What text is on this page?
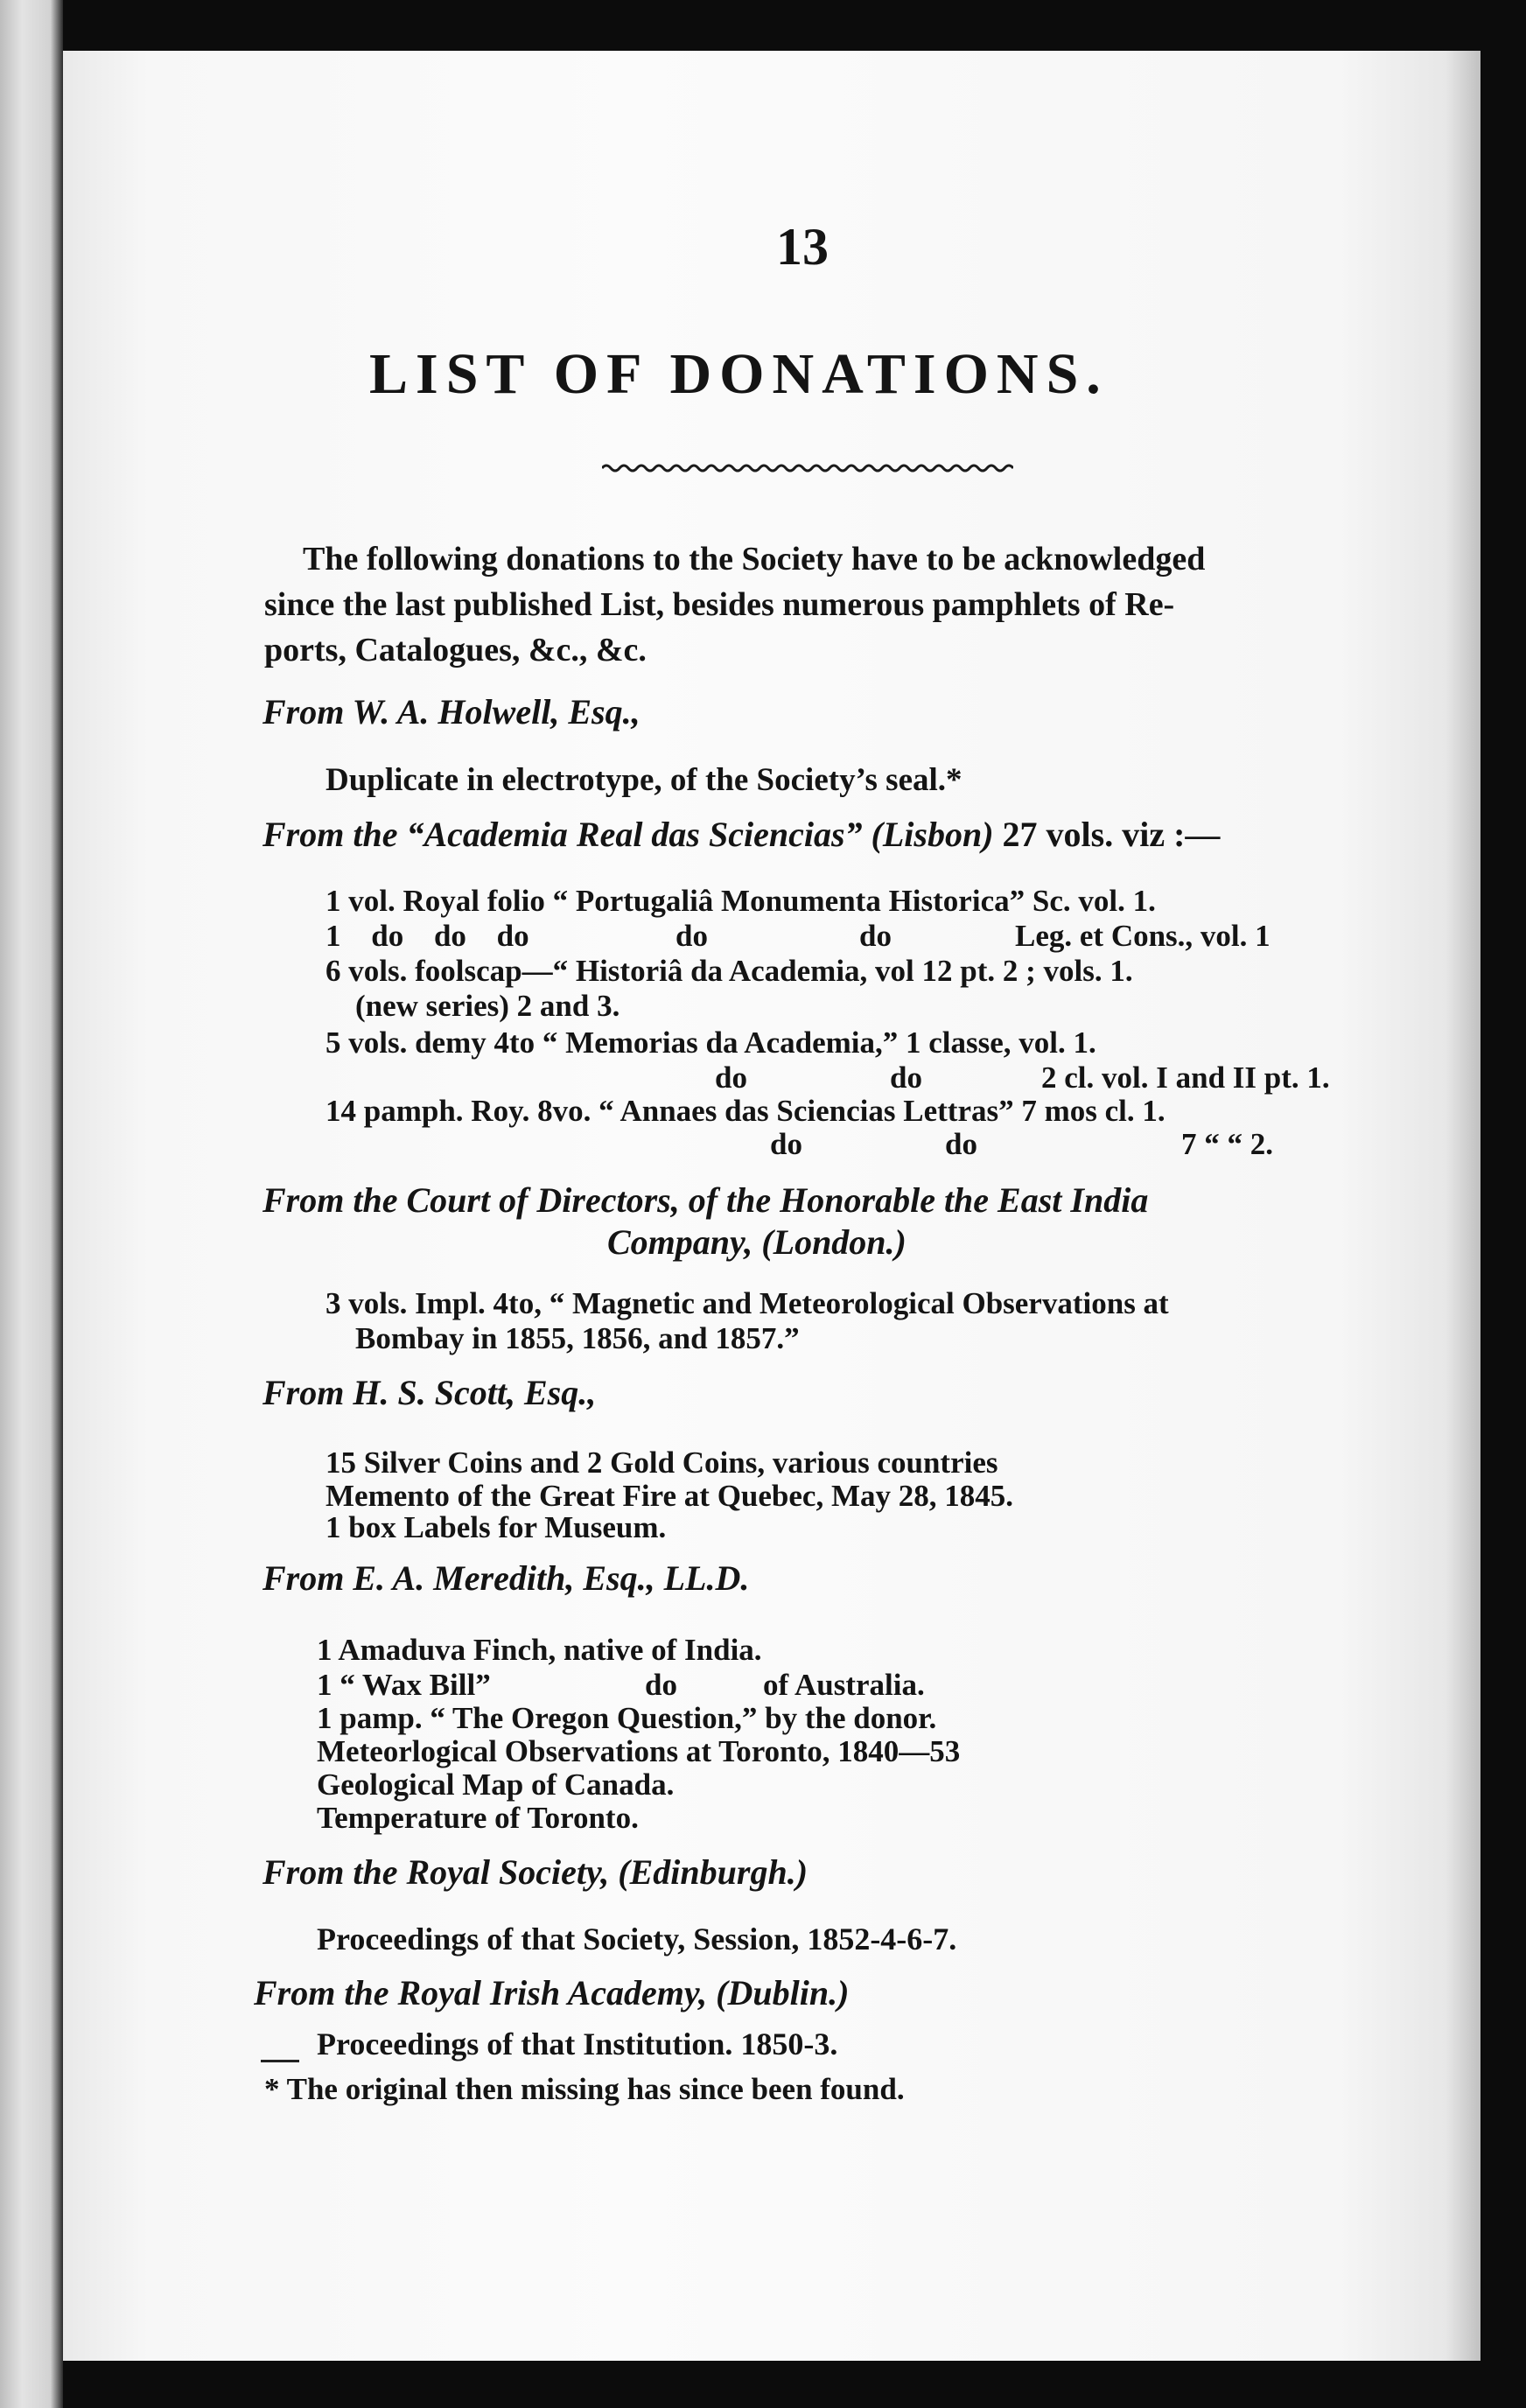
13
LIST OF DONATIONS.
The following donations to the Society have to be acknowledged
since the last published List, besides numerous pamphlets of Re-
ports, Catalogues, &c., &c.
From W. A. Holwell, Esq.,
Duplicate in electrotype, of the Society’s seal.*
From the “Academia Real das Sciencias” (Lisbon) 27 vols. viz :—
1 vol. Royal folio “ Portugaliâ Monumenta Historica” Sc. vol. 1.
1 do do do	do	do	Leg. et Cons., vol. 1
6 vols. foolscap—“ Historiâ da Academia, vol 12 pt. 2 ; vols. 1.
(new series) 2 and 3.
5 vols. demy 4to “ Memorias da Academia,” 1 classe, vol. 1.
do	do	2 cl. vol. I and II pt. 1.
14 pamph. Roy. 8vo. “ Annaes das Sciencias Lettras” 7 mos cl. 1.
do	do	7 “ “ 2.
From the Court of Directors, of the Honorable the East India
Company, (London.)
3 vols. Impl. 4to, “ Magnetic and Meteorological Observations at
Bombay in 1855, 1856, and 1857.”
From H. S. Scott, Esq.,
15 Silver Coins and 2 Gold Coins, various countries
Memento of the Great Fire at Quebec, May 28, 1845.
1 box Labels for Museum.
From E. A. Meredith, Esq., LL.D.
1 Amaduva Finch, native of India.
1 “ Wax Bill”	do	of Australia.
1 pamp. “ The Oregon Question,” by the donor.
Meteorlogical Observations at Toronto, 1840—53
Geological Map of Canada.
Temperature of Toronto.
From the Royal Society, (Edinburgh.)
Proceedings of that Society, Session, 1852-4-6-7.
From the Royal Irish Academy, (Dublin.)
Proceedings of that Institution. 1850-3.
* The original then missing has since been found.
